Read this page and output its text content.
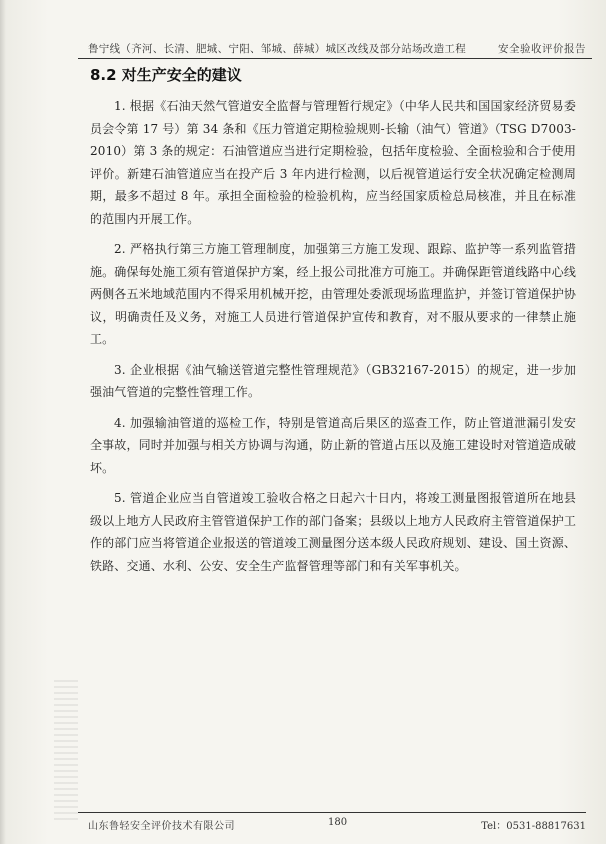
鲁宁线（齐河、长清、肥城、宁阳、邹城、薛城）城区改线及部分站场改造工程	安全验收评价报告
8.2 对生产安全的建议

1. 根据《石油天然气管道安全监督与管理暂行规定》（中华人民共和国国家经济贸易委员会令第 17 号）第 34 条和《压力管道定期检验规则-长输（油气）管道》（TSG D7003-2010）第 3 条的规定：石油管道应当进行定期检验，包括年度检验、全面检验和合于使用评价。新建石油管道应当在投产后 3 年内进行检测，以后视管道运行安全状况确定检测周期，最多不超过 8 年。承担全面检验的检验机构，应当经国家质检总局核准，并且在标准的范围内开展工作。

2. 严格执行第三方施工管理制度，加强第三方施工发现、跟踪、监护等一系列监管措施。确保每处施工须有管道保护方案，经上报公司批准方可施工。并确保距管道线路中心线两侧各五米地域范围内不得采用机械开挖，由管理处委派现场监理监护，并签订管道保护协议，明确责任及义务，对施工人员进行管道保护宣传和教育，对不服从要求的一律禁止施工。

3. 企业根据《油气输送管道完整性管理规范》（GB32167-2015）的规定，进一步加强油气管道的完整性管理工作。

4. 加强输油管道的巡检工作，特别是管道高后果区的巡查工作，防止管道泄漏引发安全事故，同时并加强与相关方协调与沟通，防止新的管道占压以及施工建设时对管道造成破坏。

5. 管道企业应当自管道竣工验收合格之日起六十日内，将竣工测量图报管道所在地县级以上地方人民政府主管管道保护工作的部门备案；县级以上地方人民政府主管管道保护工作的部门应当将管道企业报送的管道竣工测量图分送本级人民政府规划、建设、国土资源、铁路、交通、水利、公安、安全生产监督管理等部门和有关军事机关。

山东鲁轻安全评价技术有限公司	180	Tel：0531-88817631
